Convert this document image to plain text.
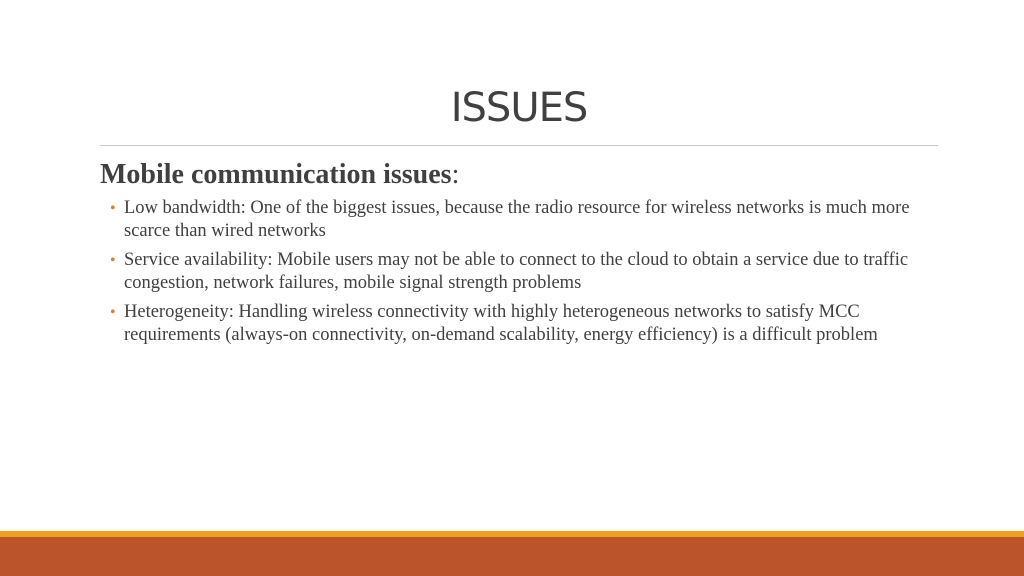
ISSUES

Mobile communication issues:

• Low bandwidth: One of the biggest issues, because the radio resource for wireless networks is much more scarce than wired networks
• Service availability: Mobile users may not be able to connect to the cloud to obtain a service due to traffic congestion, network failures, mobile signal strength problems
• Heterogeneity: Handling wireless connectivity with highly heterogeneous networks to satisfy MCC requirements (always-on connectivity, on-demand scalability, energy efficiency) is a difficult problem
